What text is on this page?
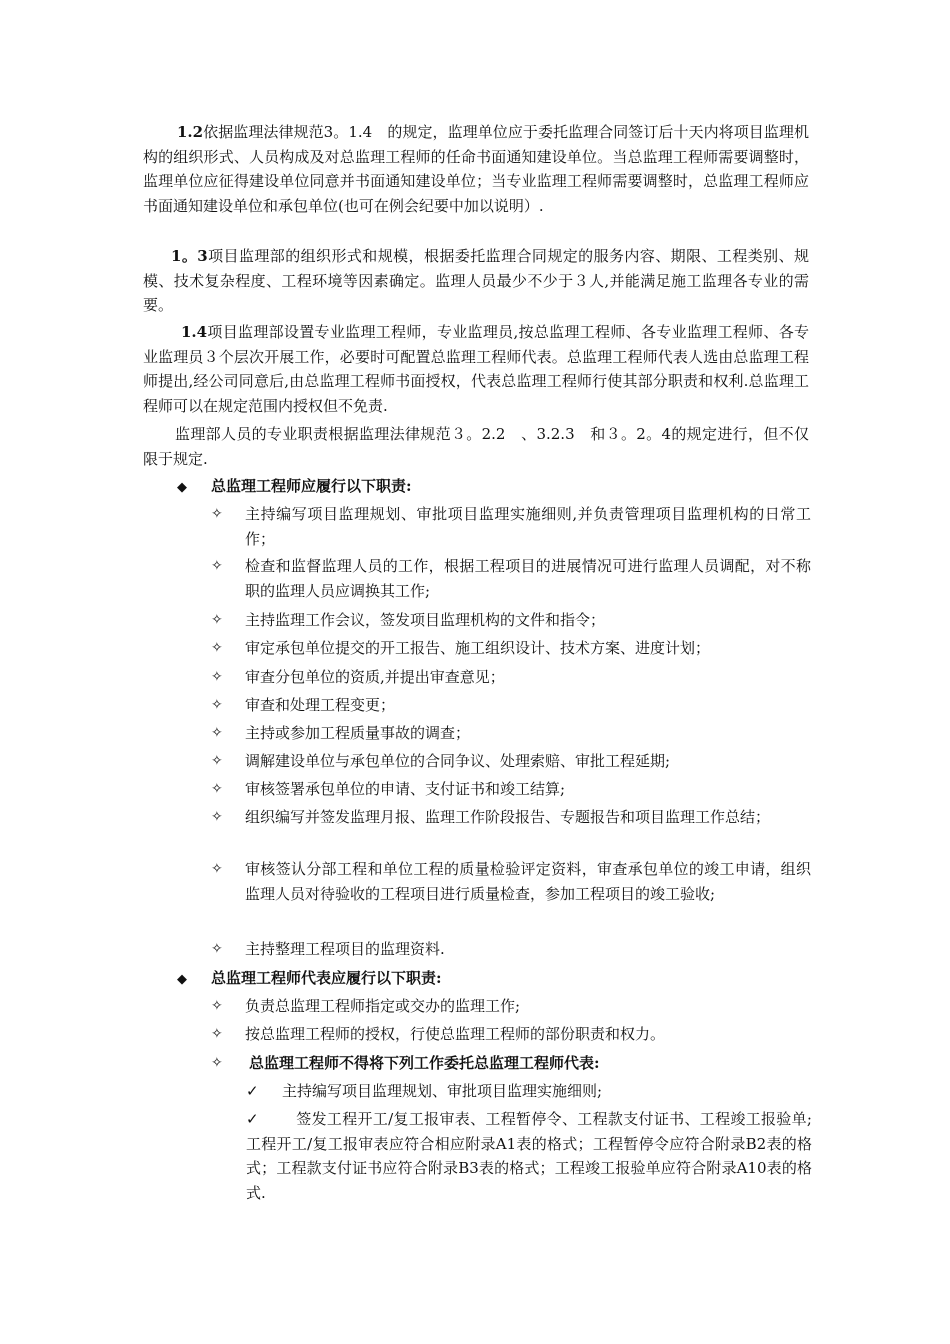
1.2依据监理法律规范3。1.4　的规定，监理单位应于委托监理合同签订后十天内将项目监理机构的组织形式、人员构成及对总监理工程师的任命书面通知建设单位。当总监理工程师需要调整时，监理单位应征得建设单位同意并书面通知建设单位；当专业监理工程师需要调整时，总监理工程师应书面通知建设单位和承包单位(也可在例会纪要中加以说明）.

1。3项目监理部的组织形式和规模，根据委托监理合同规定的服务内容、期限、工程类别、规模、技术复杂程度、工程环境等因素确定。监理人员最少不少于３人,并能满足施工监理各专业的需要。

1.4项目监理部设置专业监理工程师，专业监理员,按总监理工程师、各专业监理工程师、各专业监理员３个层次开展工作，必要时可配置总监理工程师代表。总监理工程师代表人选由总监理工程师提出,经公司同意后,由总监理工程师书面授权，代表总监理工程师行使其部分职责和权利.总监理工程师可以在规定范围内授权但不免责.

监理部人员的专业职责根据监理法律规范３。2.2　、3.2.3　和３。2。4的规定进行，但不仅限于规定.

◆ 总监理工程师应履行以下职责:
✧	主持编写项目监理规划、审批项目监理实施细则,并负责管理项目监理机构的日常工作；
✧	检查和监督监理人员的工作，根据工程项目的进展情况可进行监理人员调配，对不称职的监理人员应调换其工作;
✧	主持监理工作会议，签发项目监理机构的文件和指令；
✧	审定承包单位提交的开工报告、施工组织设计、技术方案、进度计划；
✧	审查分包单位的资质,并提出审查意见；
✧	审查和处理工程变更；
✧	主持或参加工程质量事故的调查；
✧	调解建设单位与承包单位的合同争议、处理索赔、审批工程延期;
✧	审核签署承包单位的申请、支付证书和竣工结算;
✧	组织编写并签发监理月报、监理工作阶段报告、专题报告和项目监理工作总结；
✧	审核签认分部工程和单位工程的质量检验评定资料，审查承包单位的竣工申请，组织监理人员对待验收的工程项目进行质量检查，参加工程项目的竣工验收;
✧	主持整理工程项目的监理资料.
◆ 总监理工程师代表应履行以下职责:
✧	负责总监理工程师指定或交办的监理工作;
✧	按总监理工程师的授权，行使总监理工程师的部份职责和权力。
✧	总监理工程师不得将下列工作委托总监理工程师代表:
✓ 主持编写项目监理规划、审批项目监理实施细则;
✓ 签发工程开工/复工报审表、工程暂停令、工程款支付证书、工程竣工报验单;工程开工/复工报审表应符合相应附录A1表的格式；工程暂停令应符合附录B2表的格式；工程款支付证书应符合附录B3表的格式；工程竣工报验单应符合附录A10表的格式.
